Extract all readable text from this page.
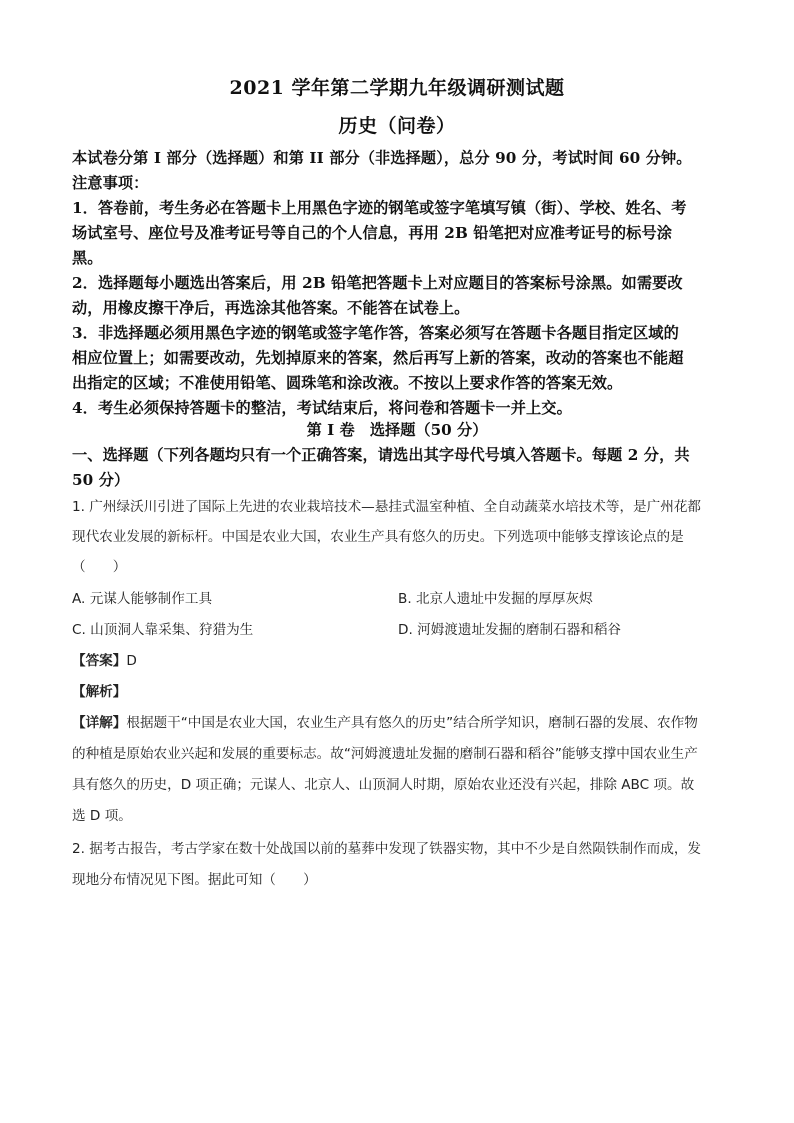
2021 学年第二学期九年级调研测试题
历史（问卷）
本试卷分第 I 部分（选择题）和第 II 部分（非选择题），总分 90 分，考试时间 60 分钟。
注意事项：
1．答卷前，考生务必在答题卡上用黑色字迹的钢笔或签字笔填写镇（街）、学校、姓名、考
场试室号、座位号及准考证号等自己的个人信息，再用 2B 铅笔把对应准考证号的标号涂
黑。
2．选择题每小题选出答案后，用 2B 铅笔把答题卡上对应题目的答案标号涂黑。如需要改
动，用橡皮擦干净后，再选涂其他答案。不能答在试卷上。
3．非选择题必须用黑色字迹的钢笔或签字笔作答，答案必须写在答题卡各题目指定区域的
相应位置上；如需要改动，先划掉原来的答案，然后再写上新的答案，改动的答案也不能超
出指定的区域；不准使用铅笔、圆珠笔和涂改液。不按以上要求作答的答案无效。
4．考生必须保持答题卡的整洁，考试结束后，将问卷和答题卡一并上交。
第 I 卷　选择题（50 分）
一、选择题（下列各题均只有一个正确答案，请选出其字母代号填入答题卡。每题 2 分，共
50 分）
1. 广州绿沃川引进了国际上先进的农业栽培技术—悬挂式温室种植、全自动蔬菜水培技术等，是广州花都
现代农业发展的新标杆。中国是农业大国，农业生产具有悠久的历史。下列选项中能够支撑该论点的是
（　　）
A. 元谋人能够制作工具	B. 北京人遗址中发掘的厚厚灰烬
C. 山顶洞人靠采集、狩猎为生	D. 河姆渡遗址发掘的磨制石器和稻谷
【答案】D
【解析】
【详解】根据题干“中国是农业大国，农业生产具有悠久的历史”结合所学知识，磨制石器的发展、农作物
的种植是原始农业兴起和发展的重要标志。故“河姆渡遗址发掘的磨制石器和稻谷”能够支撑中国农业生产
具有悠久的历史，D 项正确；元谋人、北京人、山顶洞人时期，原始农业还没有兴起，排除 ABC 项。故
选 D 项。
2. 据考古报告，考古学家在数十处战国以前的墓葬中发现了铁器实物，其中不少是自然陨铁制作而成，发
现地分布情况见下图。据此可知（　　）
